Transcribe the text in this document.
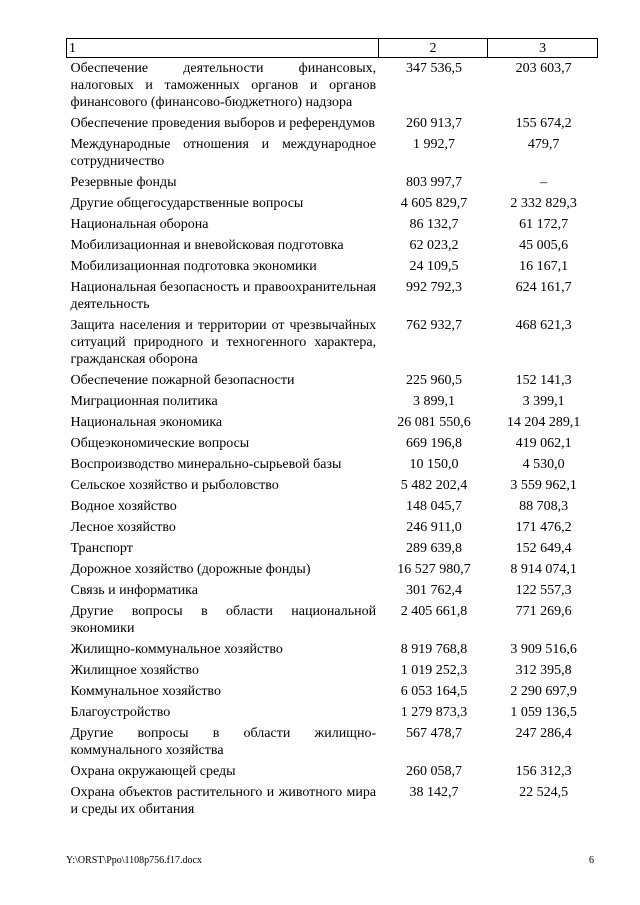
1	2	3
Обеспечение деятельности финансовых, налоговых и таможенных органов и органов финансового (финансово-бюджетного) надзора	347 536,5	203 603,7
Обеспечение проведения выборов и референдумов	260 913,7	155 674,2
Международные отношения и международное сотрудничество	1 992,7	479,7
Резервные фонды	803 997,7	–
Другие общегосударственные вопросы	4 605 829,7	2 332 829,3
Национальная оборона	86 132,7	61 172,7
Мобилизационная и вневойсковая подготовка	62 023,2	45 005,6
Мобилизационная подготовка экономики	24 109,5	16 167,1
Национальная безопасность и правоохранительная деятельность	992 792,3	624 161,7
Защита населения и территории от чрезвычайных ситуаций природного и техногенного характера, гражданская оборона	762 932,7	468 621,3
Обеспечение пожарной безопасности	225 960,5	152 141,3
Миграционная политика	3 899,1	3 399,1
Национальная экономика	26 081 550,6	14 204 289,1
Общеэкономические вопросы	669 196,8	419 062,1
Воспроизводство минерально-сырьевой базы	10 150,0	4 530,0
Сельское хозяйство и рыболовство	5 482 202,4	3 559 962,1
Водное хозяйство	148 045,7	88 708,3
Лесное хозяйство	246 911,0	171 476,2
Транспорт	289 639,8	152 649,4
Дорожное хозяйство (дорожные фонды)	16 527 980,7	8 914 074,1
Связь и информатика	301 762,4	122 557,3
Другие вопросы в области национальной экономики	2 405 661,8	771 269,6
Жилищно-коммунальное хозяйство	8 919 768,8	3 909 516,6
Жилищное хозяйство	1 019 252,3	312 395,8
Коммунальное хозяйство	6 053 164,5	2 290 697,9
Благоустройство	1 279 873,3	1 059 136,5
Другие вопросы в области жилищно-коммунального хозяйства	567 478,7	247 286,4
Охрана окружающей среды	260 058,7	156 312,3
Охрана объектов растительного и животного мира и среды их обитания	38 142,7	22 524,5
Y:\ORST\Ppo\1108p756.f17.docx	6
